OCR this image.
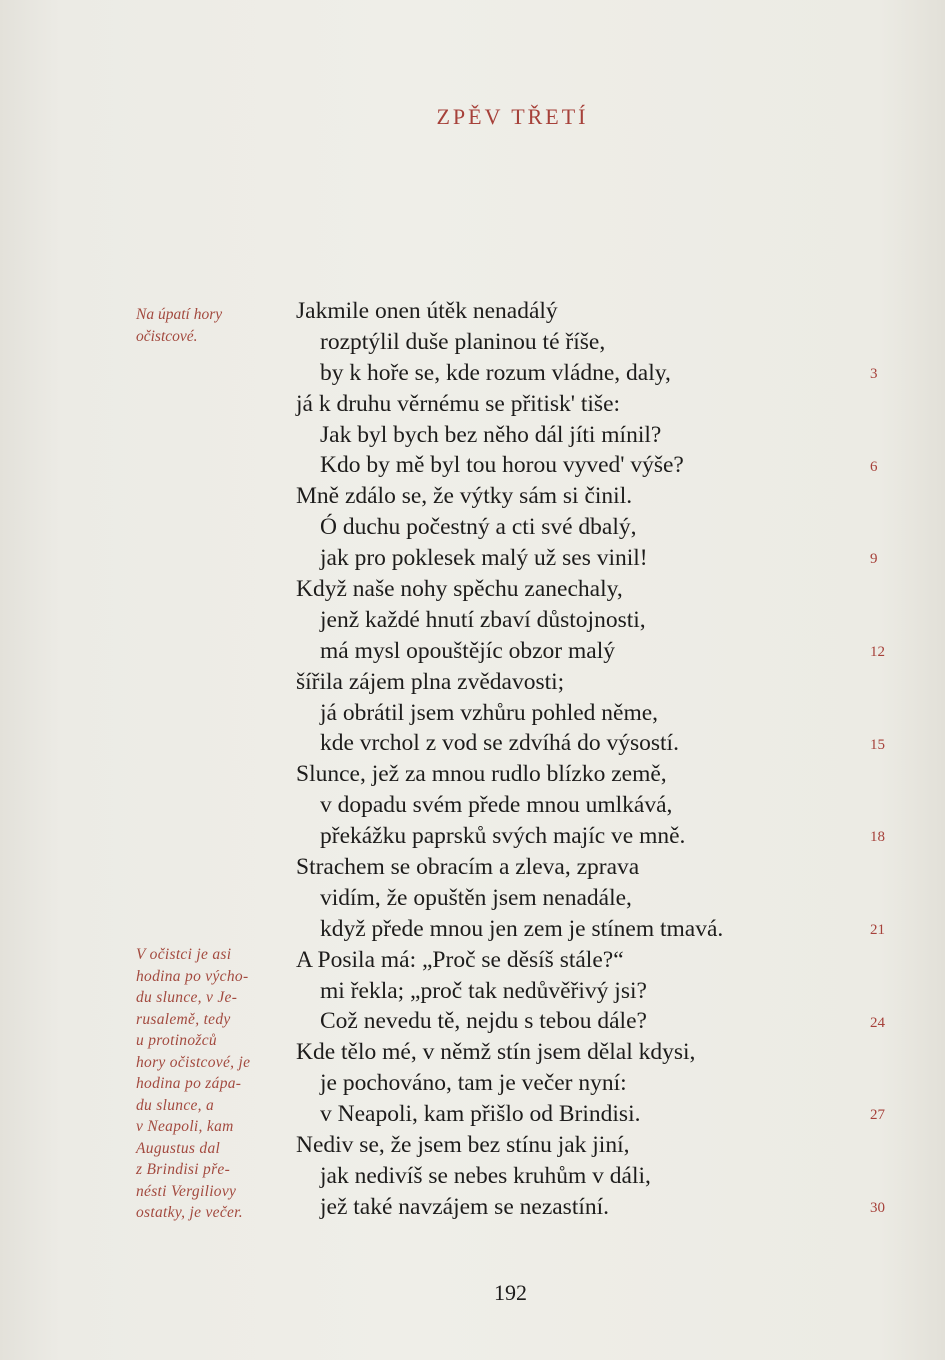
ZPĚV TŘETÍ
Na úpatí hory
očistcové.
V očistci je asi
hodina po výcho-
du slunce, v Je-
rusalemě, tedy
u protinožců
hory očistcové, je
hodina po zápa-
du slunce, a
v Neapoli, kam
Augustus dal
z Brindisi pře-
nésti Vergiliovy
ostatky, je večer.
Jakmile onen útěk nenadálý
rozptýlil duše planinou té říše,
by k hoře se, kde rozum vládne, daly,
já k druhu věrnému se přitisk' tiše:
Jak byl bych bez něho dál jíti mínil?
Kdo by mě byl tou horou vyved' výše?
Mně zdálo se, že výtky sám si činil.
Ó duchu počestný a cti své dbalý,
jak pro poklesek malý už ses vinil!
Když naše nohy spěchu zanechaly,
jenž každé hnutí zbaví důstojnosti,
má mysl opouštějíc obzor malý
šířila zájem plna zvědavosti;
já obrátil jsem vzhůru pohled něme,
kde vrchol z vod se zdvíhá do výsostí.
Slunce, jež za mnou rudlo blízko země,
v dopadu svém přede mnou umlkává,
překážku paprsků svých majíc ve mně.
Strachem se obracím a zleva, zprava
vidím, že opuštěn jsem nenadále,
když přede mnou jen zem je stínem tmavá.
A Posila má: „Proč se děsíš stále?“
mi řekla; „proč tak nedůvěřivý jsi?
Což nevedu tě, nejdu s tebou dále?
Kde tělo mé, v němž stín jsem dělal kdysi,
je pochováno, tam je večer nyní:
v Neapoli, kam přišlo od Brindisi.
Nediv se, že jsem bez stínu jak jiní,
jak nedivíš se nebes kruhům v dáli,
jež také navzájem se nezastíní.
3
6
9
12
15
18
21
24
27
30
192
